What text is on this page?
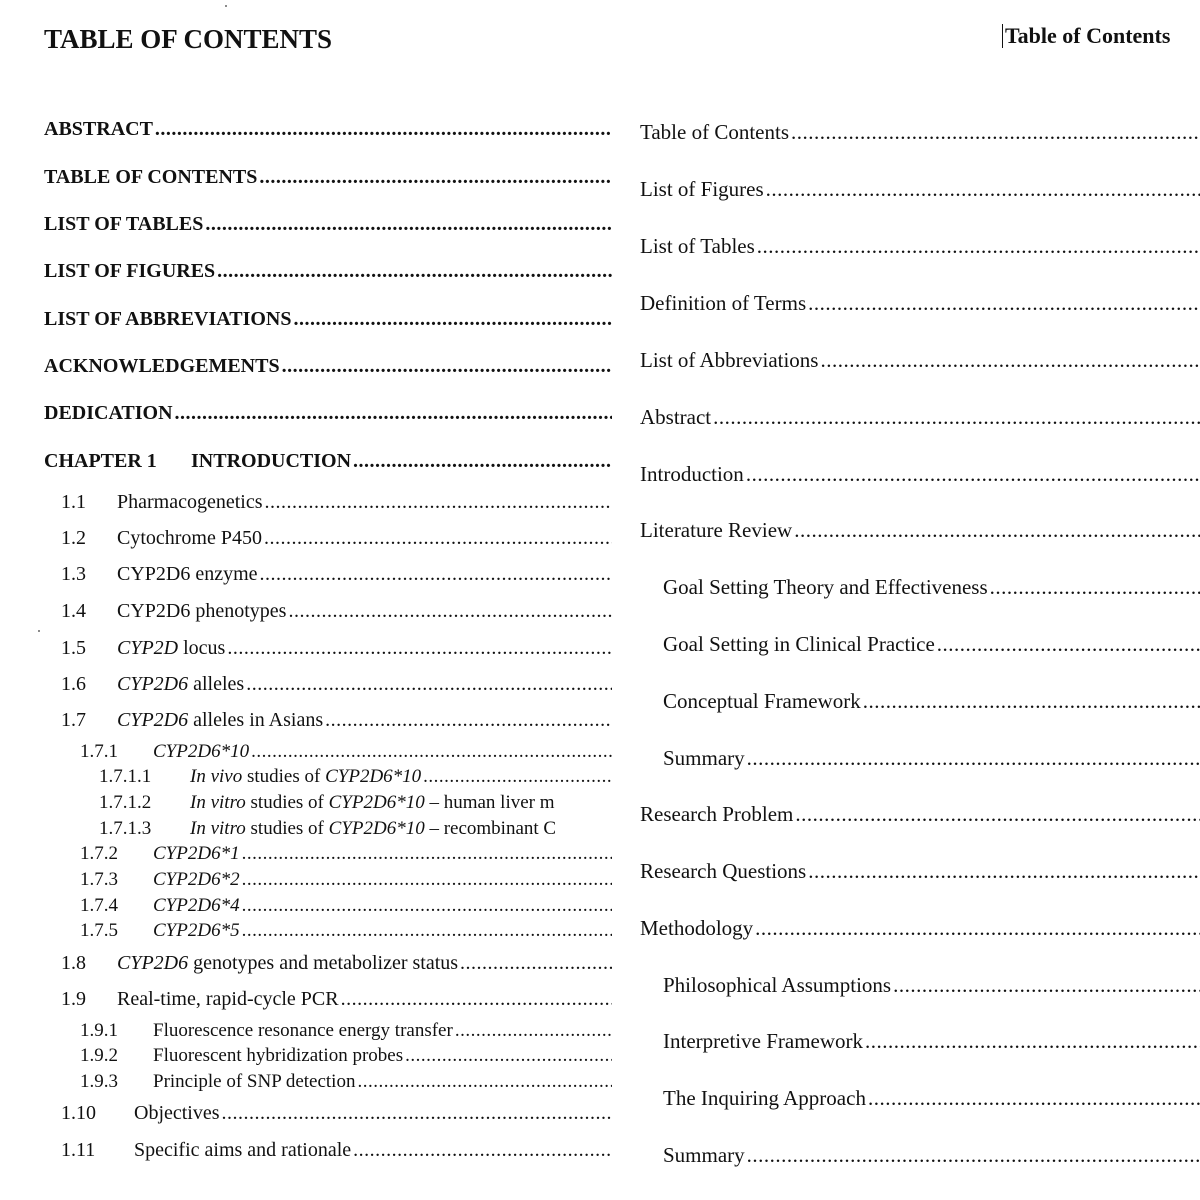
TABLE OF CONTENTS
ABSTRACT
.....
TABLE OF CONTENTS
.....
LIST OF TABLES
.....
LIST OF FIGURES
.....
LIST OF ABBREVIATIONS
.....
ACKNOWLEDGEMENTS
.....
DEDICATION
.....
CHAPTER 1 INTRODUCTION
.....
1.1 Pharmacogenetics
.....
1.2 Cytochrome P450
.....
1.3 CYP2D6 enzyme
.....
1.4 CYP2D6 phenotypes
.....
1.5 CYP2D locus
.....
1.6 CYP2D6 alleles
.....
1.7 CYP2D6 alleles in Asians
.....
1.7.1 CYP2D6*10
.....
1.7.1.1 In vivo studies of CYP2D6*10
.....
1.7.1.2 In vitro studies of CYP2D6*10 – human liver m
1.7.1.3 In vitro studies of CYP2D6*10 – recombinant C
1.7.2 CYP2D6*1
.....
1.7.3 CYP2D6*2
.....
1.7.4 CYP2D6*4
.....
1.7.5 CYP2D6*5
.....
1.8 CYP2D6 genotypes and metabolizer status
.....
1.9 Real-time, rapid-cycle PCR
.....
1.9.1 Fluorescence resonance energy transfer
.....
1.9.2 Fluorescent hybridization probes
.....
1.9.3 Principle of SNP detection
.....
1.10 Objectives
.....
1.11 Specific aims and rationale
.....
Table of Contents
.....
List of Figures
.....
List of Tables
.....
Definition of Terms
.....
List of Abbreviations
.....
Abstract
.....
Introduction
.....
Literature Review
.....
Goal Setting Theory and Effectiveness
.....
Goal Setting in Clinical Practice
.....
Conceptual Framework
.....
Summary
.....
Research Problem
.....
Research Questions
.....
Methodology
.....
Philosophical Assumptions
.....
Interpretive Framework
.....
The Inquiring Approach
.....
Summary
.....
Table of Contents
